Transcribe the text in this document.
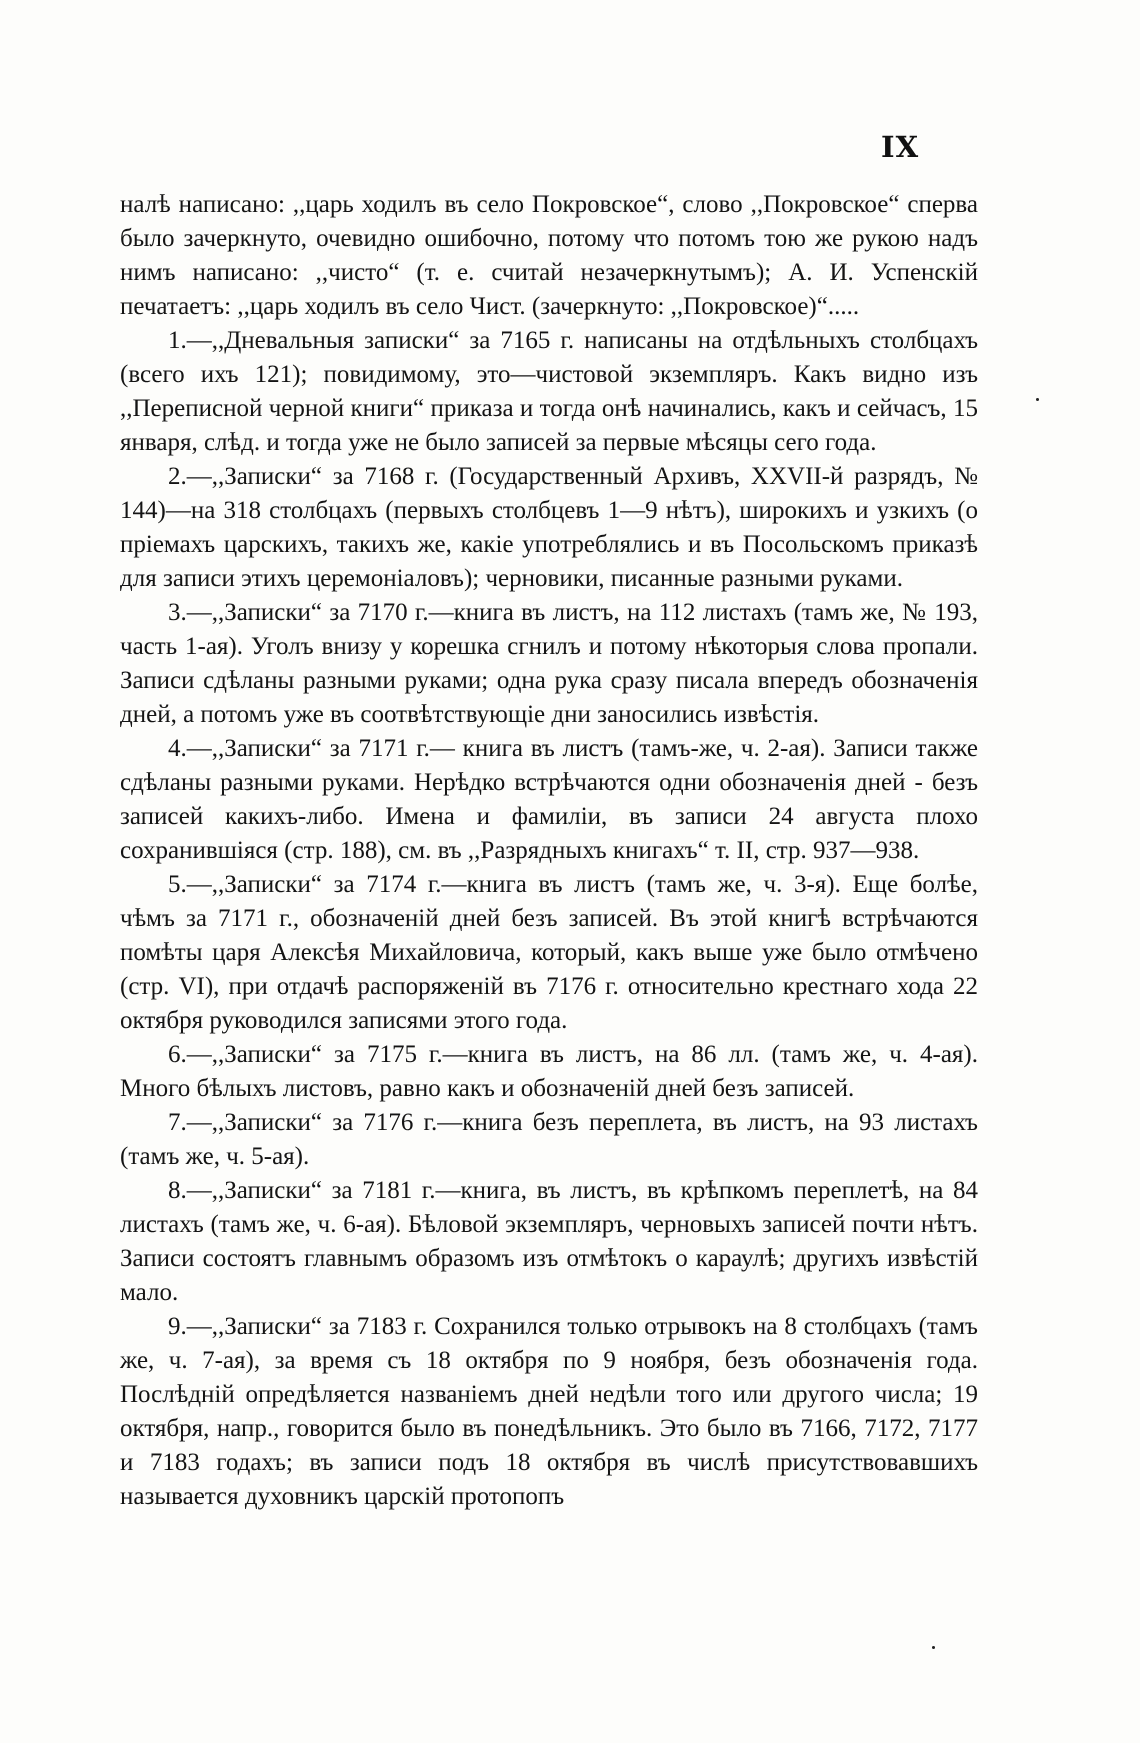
IX

налѣ написано: ,,царь ходилъ въ село Покровское“, слово ,,Покровское“ сперва было зачеркнуто, очевидно ошибочно, потому что потомъ тою же рукою надъ нимъ написано: ,,чисто“ (т. е. считай незачеркнутымъ); А. И. Успенскій печатаетъ: ,,царь ходилъ въ село Чист. (зачеркнуто: ,,Покровское)“.....

1.—,,Дневальныя записки“ за 7165 г. написаны на отдѣльныхъ столбцахъ (всего ихъ 121); повидимому, это—чистовой экземпляръ. Какъ видно изъ ,,Переписной черной книги“ приказа и тогда онѣ начинались, какъ и сейчасъ, 15 января, слѣд. и тогда уже не было записей за первые мѣсяцы сего года.

2.—,,Записки“ за 7168 г. (Государственный Архивъ, XXVII-й разрядъ, № 144)—на 318 столбцахъ (первыхъ столбцевъ 1—9 нѣтъ), широкихъ и узкихъ (о пріемахъ царскихъ, такихъ же, какіе употреблялись и въ Посольскомъ приказѣ для записи этихъ церемоніаловъ); черновики, писанные разными руками.

3.—,,Записки“ за 7170 г.—книга въ листъ, на 112 листахъ (тамъ же, № 193, часть 1-ая). Уголъ внизу у корешка сгнилъ и потому нѣкоторыя слова пропали. Записи сдѣланы разными руками; одна рука сразу писала впередъ обозначенія дней, а потомъ уже въ соотвѣтствующіе дни заносились извѣстія.

4.—,,Записки“ за 7171 г.— книга въ листъ (тамъ-же, ч. 2-ая). Записи также сдѣланы разными руками. Нерѣдко встрѣчаются одни обозначенія дней - безъ записей какихъ-либо. Имена и фамиліи, въ записи 24 августа плохо сохранившіяся (стр. 188), см. въ ,,Разрядныхъ книгахъ“ т. II, стр. 937—938.

5.—,,Записки“ за 7174 г.—книга въ листъ (тамъ же, ч. 3-я). Еще болѣе, чѣмъ за 7171 г., обозначеній дней безъ записей. Въ этой книгѣ встрѣчаются помѣты царя Алексѣя Михайловича, который, какъ выше уже было отмѣчено (стр. VI), при отдачѣ распоряженій въ 7176 г. относительно крестнаго хода 22 октября руководился записями этого года.

6.—,,Записки“ за 7175 г.—книга въ листъ, на 86 лл. (тамъ же, ч. 4-ая). Много бѣлыхъ листовъ, равно какъ и обозначеній дней безъ записей.

7.—,,Записки“ за 7176 г.—книга безъ переплета, въ листъ, на 93 листахъ (тамъ же, ч. 5-ая).

8.—,,Записки“ за 7181 г.—книга, въ листъ, въ крѣпкомъ переплетѣ, на 84 листахъ (тамъ же, ч. 6-ая). Бѣловой экземпляръ, черновыхъ записей почти нѣтъ. Записи состоятъ главнымъ образомъ изъ отмѣтокъ о караулѣ; другихъ извѣстій мало.

9.—,,Записки“ за 7183 г. Сохранился только отрывокъ на 8 столбцахъ (тамъ же, ч. 7-ая), за время съ 18 октября по 9 ноября, безъ обозначенія года. Послѣдній опредѣляется названіемъ дней недѣли того или другого числа; 19 октября, напр., говорится было въ понедѣльникъ. Это было въ 7166, 7172, 7177 и 7183 годахъ; въ записи подъ 18 октября въ числѣ присутствовавшихъ называется духовникъ царскій протопопъ
